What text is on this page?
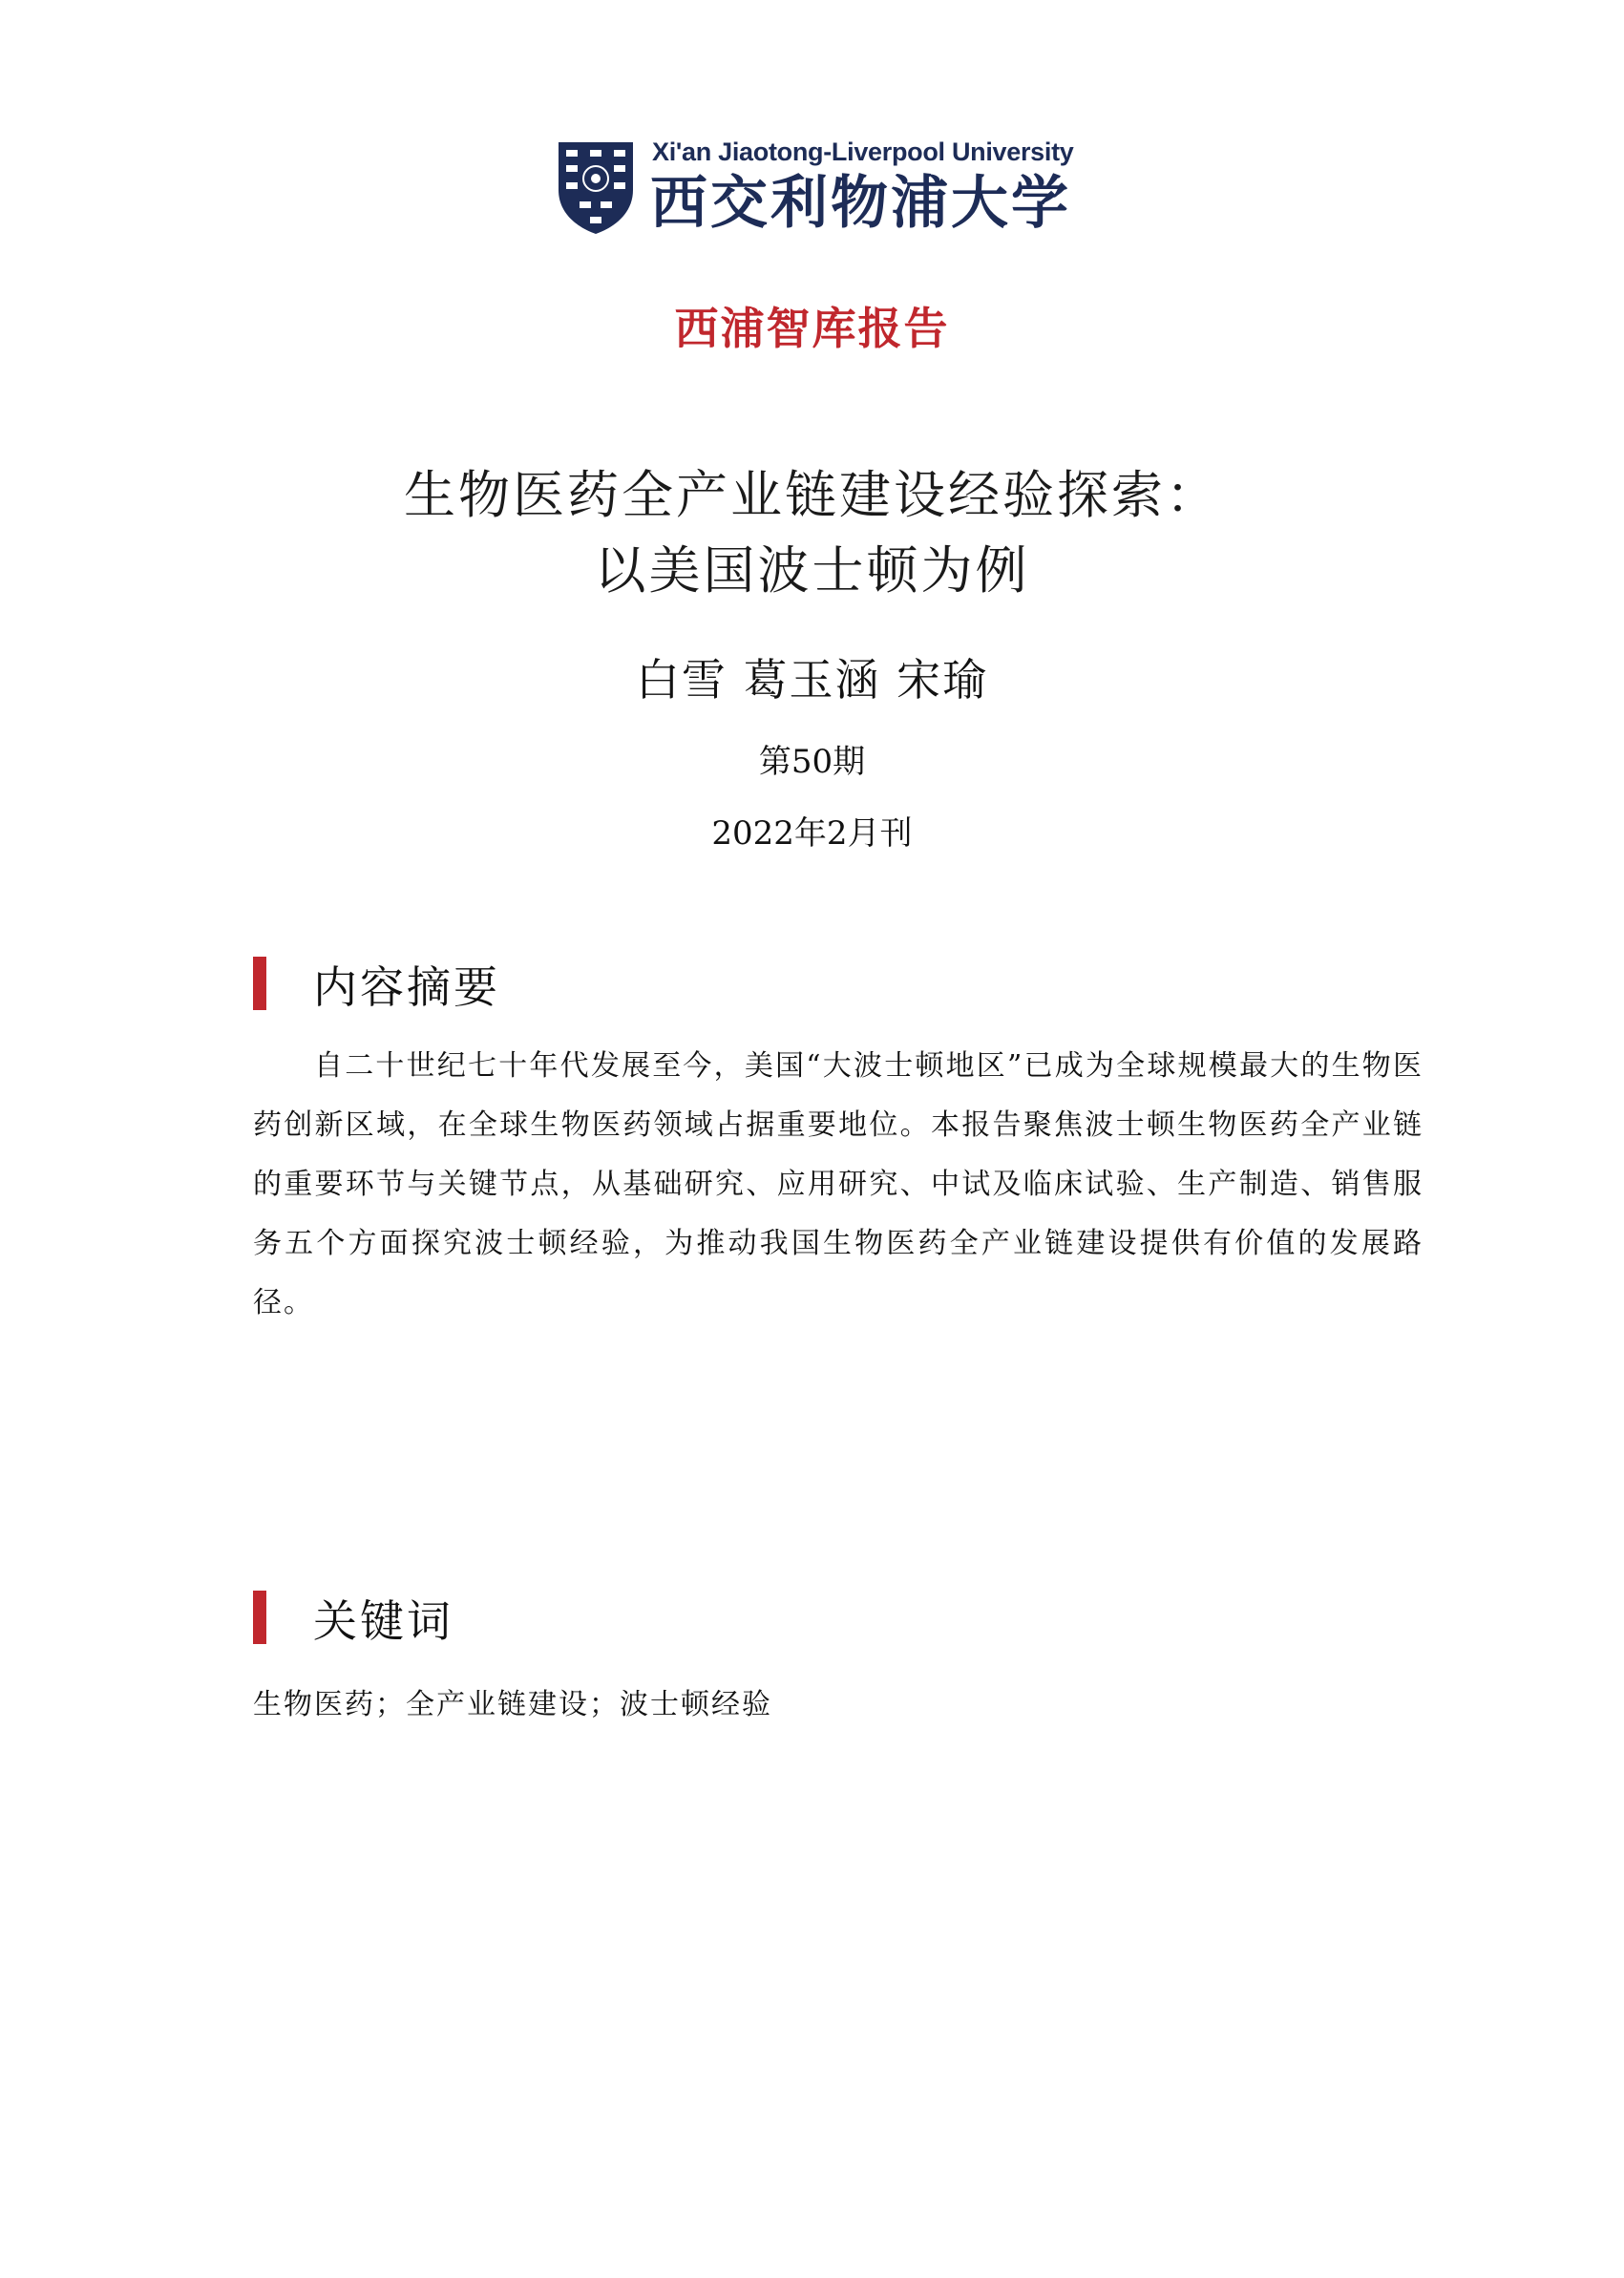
Xi'an Jiaotong-Liverpool University
西交利物浦大学
西浦智库报告
生物医药全产业链建设经验探索：
以美国波士顿为例
白雪 葛玉涵 宋瑜
第50期
2022年2月刊
内容摘要
自二十世纪七十年代发展至今，美国“大波士顿地区”已成为全球规模最大的生物医药创新区域，在全球生物医药领域占据重要地位。本报告聚焦波士顿生物医药全产业链的重要环节与关键节点，从基础研究、应用研究、中试及临床试验、生产制造、销售服务五个方面探究波士顿经验，为推动我国生物医药全产业链建设提供有价值的发展路径。
关键词
生物医药；全产业链建设；波士顿经验
